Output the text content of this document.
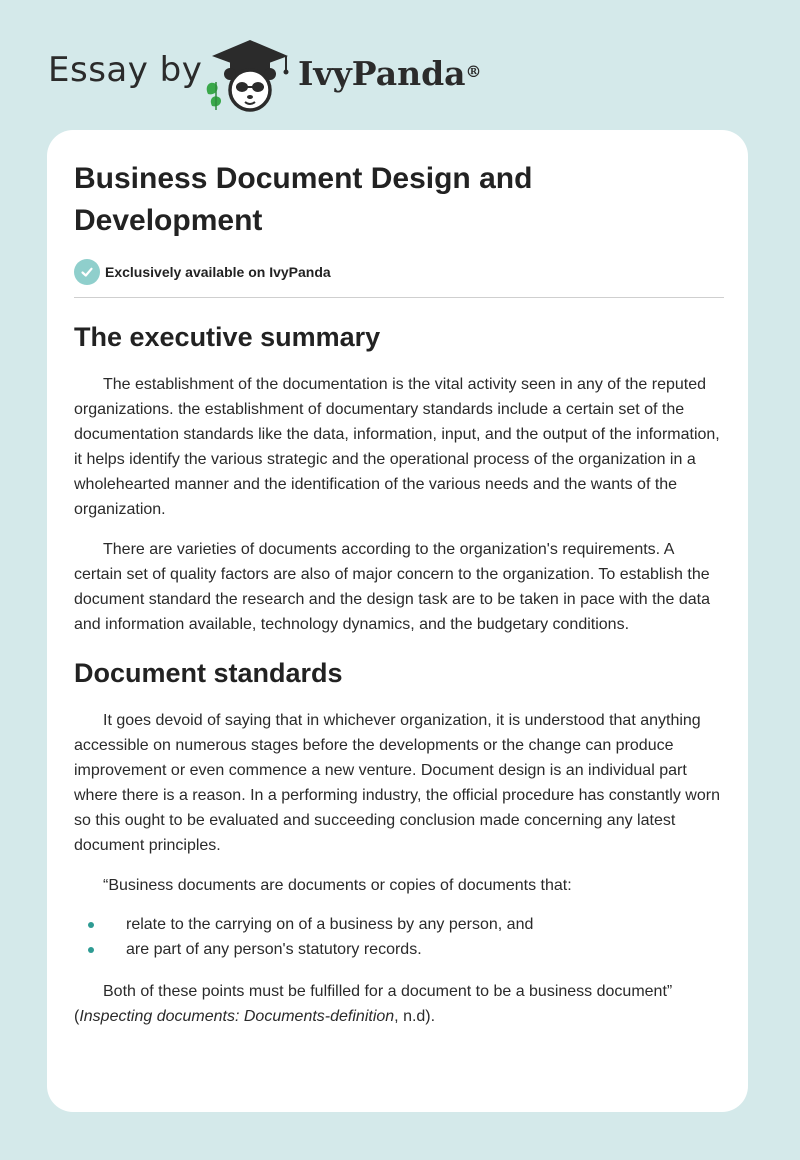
Essay by	IvyPanda®
Business Document Design and Development
Exclusively available on IvyPanda
The executive summary

The establishment of the documentation is the vital activity seen in any of the reputed organizations. the establishment of documentary standards include a certain set of the documentation standards like the data, information, input, and the output of the information, it helps identify the various strategic and the operational process of the organization in a wholehearted manner and the identification of the various needs and the wants of the organization.

There are varieties of documents according to the organization's requirements. A certain set of quality factors are also of major concern to the organization. To establish the document standard the research and the design task are to be taken in pace with the data and information available, technology dynamics, and the budgetary conditions.

Document standards

It goes devoid of saying that in whichever organization, it is understood that anything accessible on numerous stages before the developments or the change can produce improvement or even commence a new venture. Document design is an individual part where there is a reason. In a performing industry, the official procedure has constantly worn so this ought to be evaluated and succeeding conclusion made concerning any latest document principles.

“Business documents are documents or copies of documents that:

relate to the carrying on of a business by any person, and
are part of any person's statutory records.

Both of these points must be fulfilled for a document to be a business document” (Inspecting documents: Documents-definition, n.d).
